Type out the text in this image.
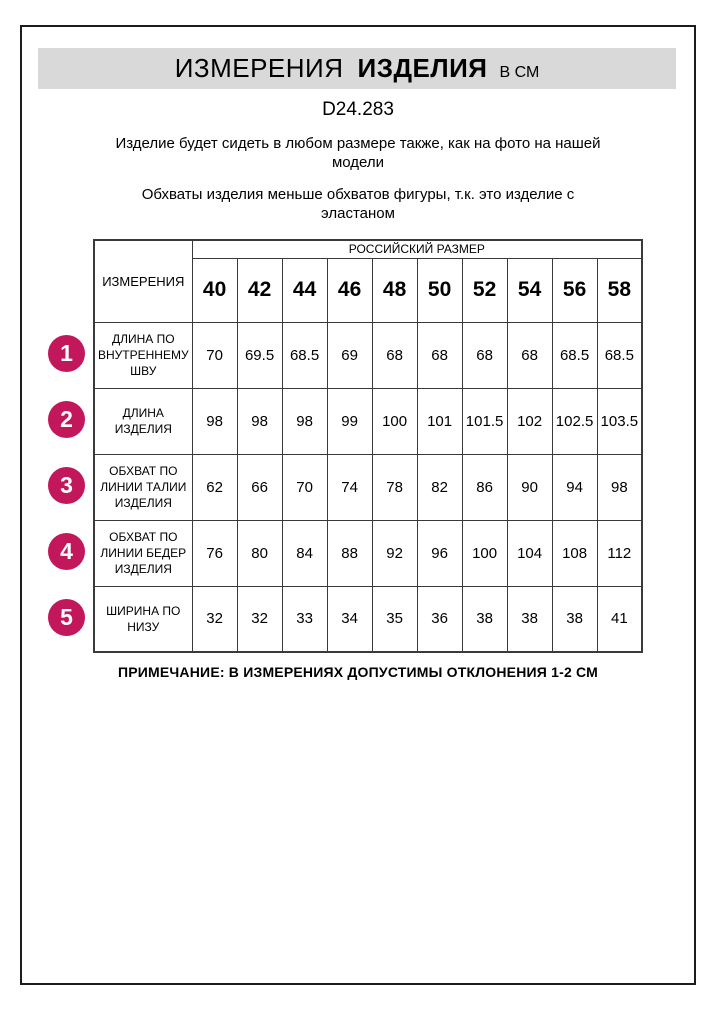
ИЗМЕРЕНИЯ ИЗДЕЛИЯ В СМ
D24.283
Изделие будет сидеть в любом размере также, как на фото на нашей модели
Обхваты изделия меньше обхватов фигуры, т.к. это изделие с эластаном
ИЗМЕРЕНИЯ	РОССИЙСКИЙ РАЗМЕР									
	40	42	44	46	48	50	52	54	56	58
ДЛИНА ПО ВНУТРЕННЕМУ ШВУ	70	69.5	68.5	69	68	68	68	68	68.5	68.5
ДЛИНА ИЗДЕЛИЯ	98	98	98	99	100	101	101.5	102	102.5	103.5
ОБХВАТ ПО ЛИНИИ ТАЛИИ ИЗДЕЛИЯ	62	66	70	74	78	82	86	90	94	98
ОБХВАТ ПО ЛИНИИ БЕДЕР ИЗДЕЛИЯ	76	80	84	88	92	96	100	104	108	112
ШИРИНА ПО НИЗУ	32	32	33	34	35	36	38	38	38	41
1
2
3
4
5
ПРИМЕЧАНИЕ: В ИЗМЕРЕНИЯХ ДОПУСТИМЫ ОТКЛОНЕНИЯ 1-2 СМ
